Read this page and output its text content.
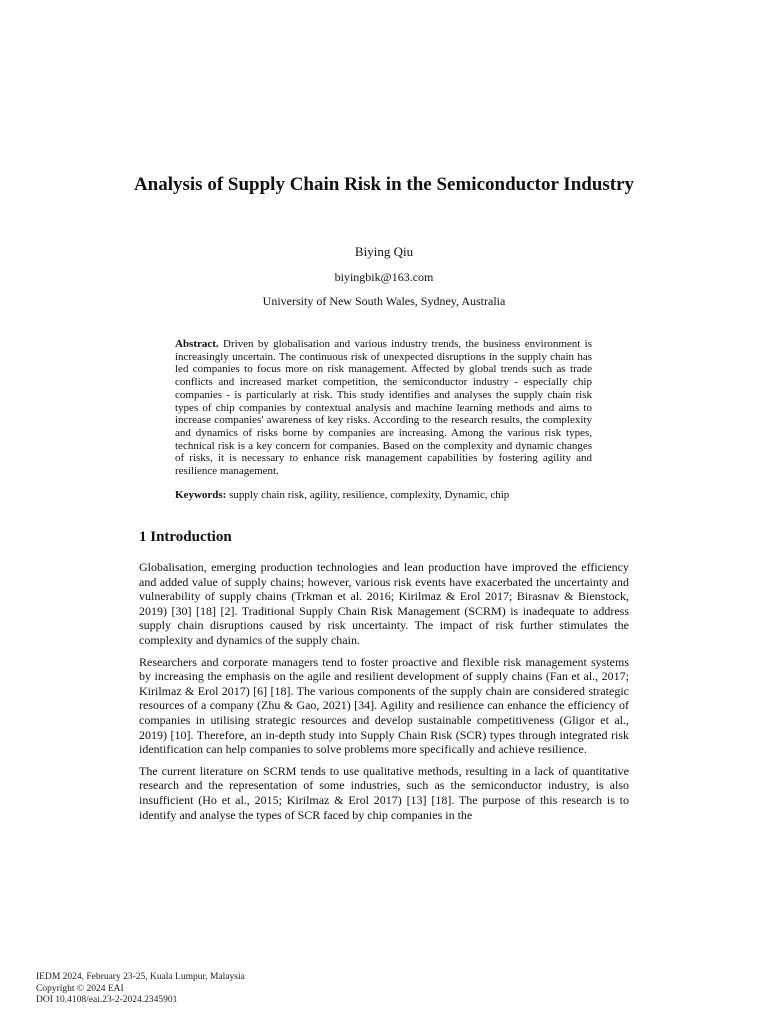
Analysis of Supply Chain Risk in the Semiconductor Industry
Biying Qiu
biyingbik@163.com
University of New South Wales, Sydney, Australia

Abstract. Driven by globalisation and various industry trends, the business environment is increasingly uncertain. The continuous risk of unexpected disruptions in the supply chain has led companies to focus more on risk management. Affected by global trends such as trade conflicts and increased market competition, the semiconductor industry - especially chip companies - is particularly at risk. This study identifies and analyses the supply chain risk types of chip companies by contextual analysis and machine learning methods and aims to increase companies' awareness of key risks. According to the research results, the complexity and dynamics of risks borne by companies are increasing. Among the various risk types, technical risk is a key concern for companies. Based on the complexity and dynamic changes of risks, it is necessary to enhance risk management capabilities by fostering agility and resilience management.

Keywords: supply chain risk, agility, resilience, complexity, Dynamic, chip

1 Introduction

Globalisation, emerging production technologies and lean production have improved the efficiency and added value of supply chains; however, various risk events have exacerbated the uncertainty and vulnerability of supply chains (Trkman et al. 2016; Kirilmaz & Erol 2017; Birasnav & Bienstock, 2019) [30] [18] [2]. Traditional Supply Chain Risk Management (SCRM) is inadequate to address supply chain disruptions caused by risk uncertainty. The impact of risk further stimulates the complexity and dynamics of the supply chain.

Researchers and corporate managers tend to foster proactive and flexible risk management systems by increasing the emphasis on the agile and resilient development of supply chains (Fan et al., 2017; Kirilmaz & Erol 2017) [6] [18]. The various components of the supply chain are considered strategic resources of a company (Zhu & Gao, 2021) [34]. Agility and resilience can enhance the efficiency of companies in utilising strategic resources and develop sustainable competitiveness (Gligor et al., 2019) [10]. Therefore, an in-depth study into Supply Chain Risk (SCR) types through integrated risk identification can help companies to solve problems more specifically and achieve resilience.

The current literature on SCRM tends to use qualitative methods, resulting in a lack of quantitative research and the representation of some industries, such as the semiconductor industry, is also insufficient (Ho et al., 2015; Kirilmaz & Erol 2017) [13] [18]. The purpose of this research is to identify and analyse the types of SCR faced by chip companies in the

IEDM 2024, February 23-25, Kuala Lumpur, Malaysia
Copyright © 2024 EAI
DOI 10.4108/eai.23-2-2024.2345901
